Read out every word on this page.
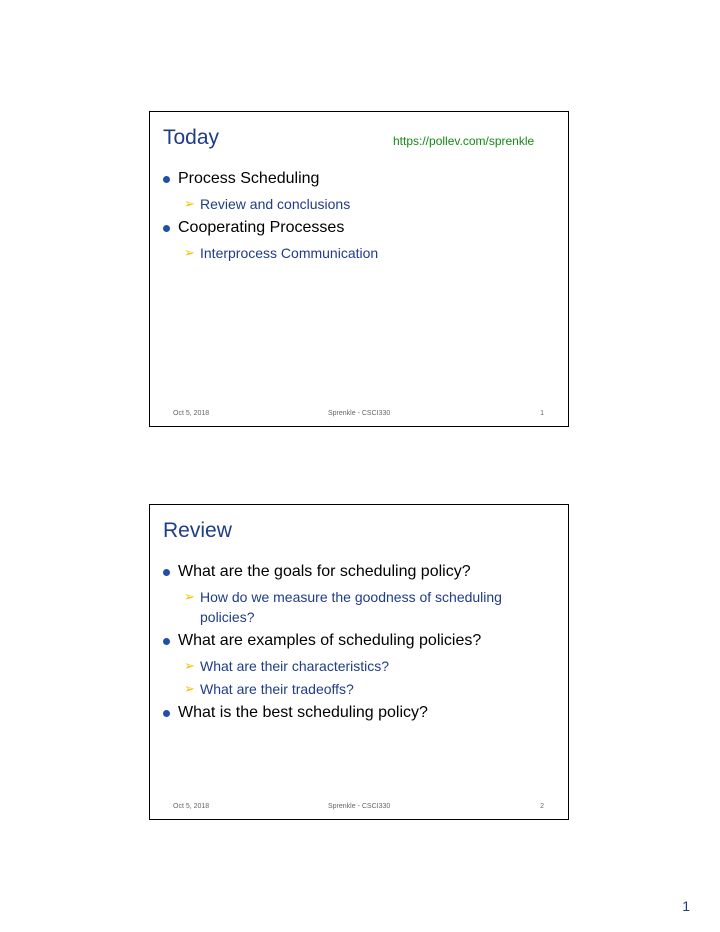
Today	https://pollev.com/sprenkle
Process Scheduling
➢ Review and conclusions
Cooperating Processes
➢ Interprocess Communication
Oct 5, 2018	Sprenkle - CSCI330	1
Review
What are the goals for scheduling policy?
➢ How do we measure the goodness of scheduling policies?
What are examples of scheduling policies?
➢ What are their characteristics?
➢ What are their tradeoffs?
What is the best scheduling policy?
Oct 5, 2018	Sprenkle - CSCI330	2
1
